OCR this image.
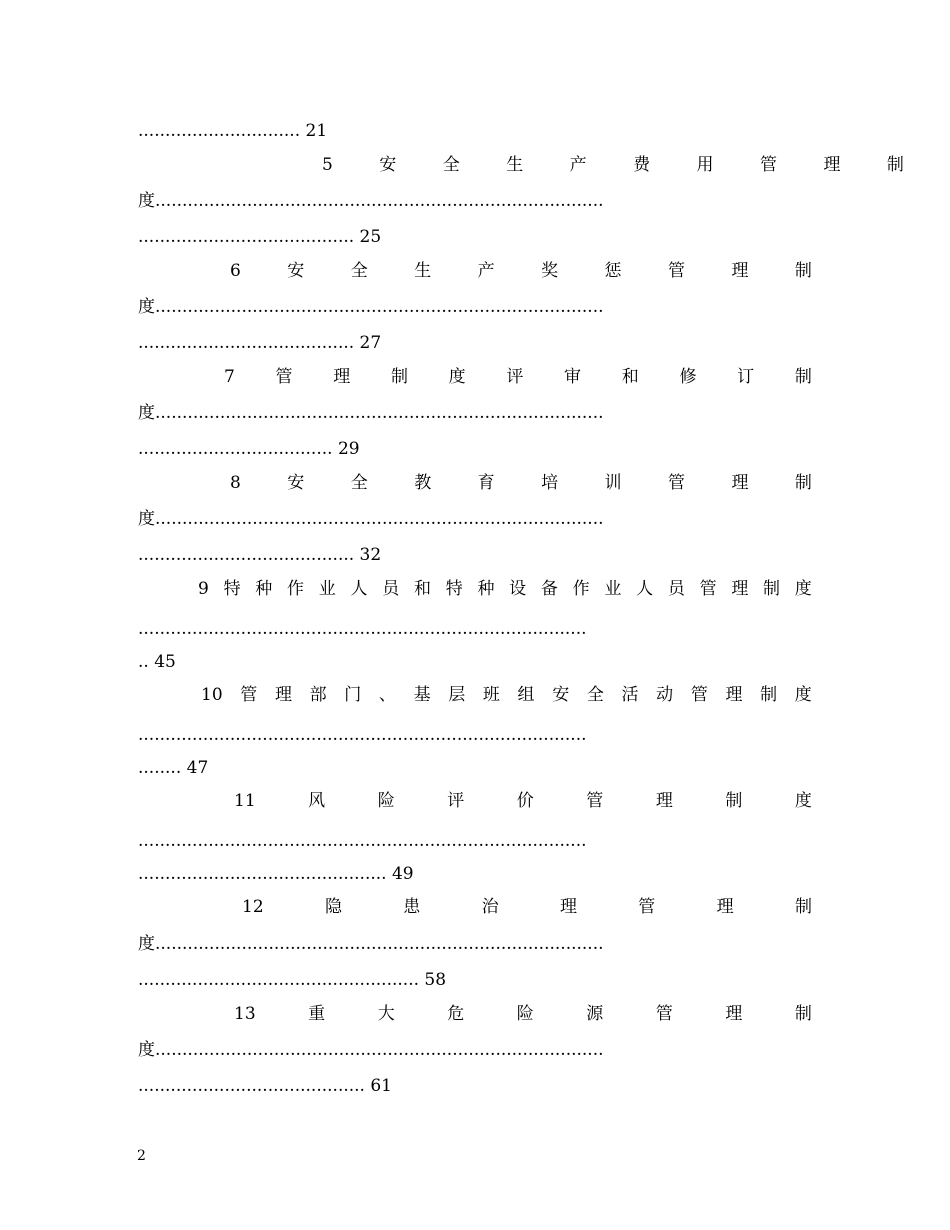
.............................. 21
5	安	全	生	产	费	用	管	理	制
度...................................................................................
........................................ 25
6	安	全	生	产	奖	惩	管	理	制
度...................................................................................
........................................ 27
7 管 理 制 度 评 审 和 修 订 制
度...................................................................................
.................................... 29
8	安	全	教	育	培	训	管	理	制
度...................................................................................
........................................ 32
9 特 种 作 业 人 员 和 特 种 设 备 作 业 人 员 管 理 制 度
...................................................................................
.. 45
10 管 理 部 门 、 基 层 班 组 安 全 活 动 管 理 制 度
...................................................................................
........ 47
11	风	险	评	价	管	理	制	度
...................................................................................
.............................................. 49
12	隐	患	治	理	管	理	制
度...................................................................................
.................................................... 58
13	重	大	危	险	源	管	理	制
度...................................................................................
.......................................... 61
2
